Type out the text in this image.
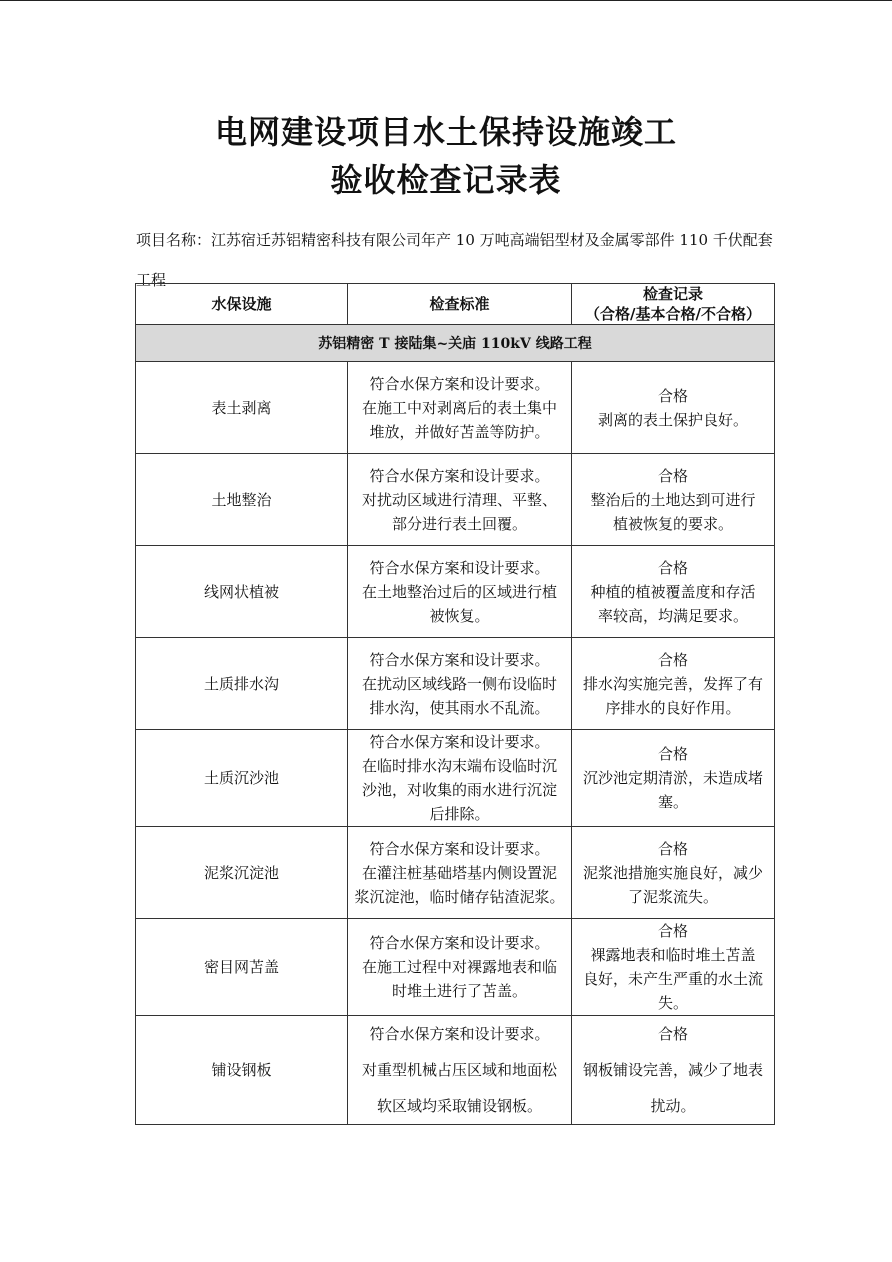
电网建设项目水土保持设施竣工
验收检查记录表
项目名称：江苏宿迁苏铝精密科技有限公司年产 10 万吨高端铝型材及金属零部件 110 千伏配套工程
水保设施	检查标准	检查记录
（合格/基本合格/不合格）

苏铝精密 T 接陆集~关庙 110kV 线路工程		
表土剥离	符合水保方案和设计要求。
在施工中对剥离后的表土集中
堆放，并做好苫盖等防护。	合格
剥离的表土保护良好。

土地整治	符合水保方案和设计要求。
对扰动区域进行清理、平整、
部分进行表土回覆。	合格
整治后的土地达到可进行
植被恢复的要求。

线网状植被	符合水保方案和设计要求。
在土地整治过后的区域进行植
被恢复。	合格
种植的植被覆盖度和存活
率较高，均满足要求。

土质排水沟	符合水保方案和设计要求。
在扰动区域线路一侧布设临时
排水沟，使其雨水不乱流。	合格
排水沟实施完善，发挥了有
序排水的良好作用。

土质沉沙池	符合水保方案和设计要求。
在临时排水沟末端布设临时沉
沙池，对收集的雨水进行沉淀
后排除。	合格
沉沙池定期清淤，未造成堵
塞。

泥浆沉淀池	符合水保方案和设计要求。
在灌注桩基础塔基内侧设置泥
浆沉淀池，临时储存钻渣泥浆。	合格
泥浆池措施实施良好，减少
了泥浆流失。

密目网苫盖	符合水保方案和设计要求。
在施工过程中对裸露地表和临
时堆土进行了苫盖。	合格
裸露地表和临时堆土苫盖
良好，未产生严重的水土流
失。

铺设钢板	符合水保方案和设计要求。
对重型机械占压区域和地面松
软区域均采取铺设钢板。	合格
钢板铺设完善，减少了地表
扰动。
